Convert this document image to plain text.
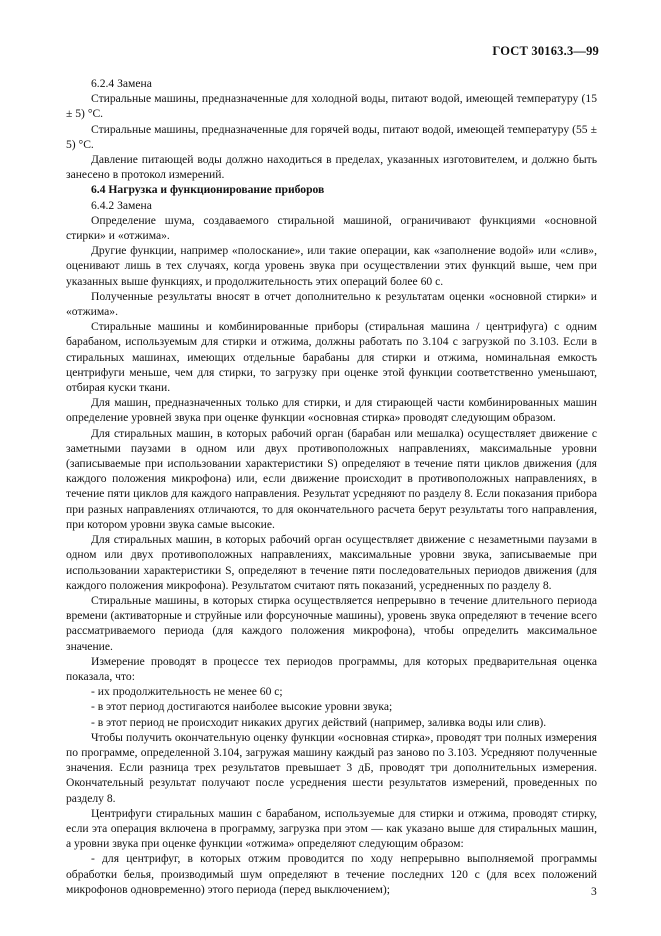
ГОСТ 30163.3—99

6.2.4 Замена

Стиральные машины, предназначенные для холодной воды, питают водой, имеющей температуру (15 ± 5) °С.

Стиральные машины, предназначенные для горячей воды, питают водой, имеющей температуру (55 ± 5) °С.

Давление питающей воды должно находиться в пределах, указанных изготовителем, и должно быть занесено в протокол измерений.

6.4 Нагрузка и функционирование приборов

6.4.2 Замена

Определение шума, создаваемого стиральной машиной, ограничивают функциями «основной стирки» и «отжима».

Другие функции, например «полоскание», или такие операции, как «заполнение водой» или «слив», оценивают лишь в тех случаях, когда уровень звука при осуществлении этих функций выше, чем при указанных выше функциях, и продолжительность этих операций более 60 с.

Полученные результаты вносят в отчет дополнительно к результатам оценки «основной стирки» и «отжима».

Стиральные машины и комбинированные приборы (стиральная машина / центрифуга) с одним барабаном, используемым для стирки и отжима, должны работать по 3.104 с загрузкой по 3.103. Если в стиральных машинах, имеющих отдельные барабаны для стирки и отжима, номинальная емкость центрифуги меньше, чем для стирки, то загрузку при оценке этой функции соответственно уменьшают, отбирая куски ткани.

Для машин, предназначенных только для стирки, и для стирающей части комбинированных машин определение уровней звука при оценке функции «основная стирка» проводят следующим образом.

Для стиральных машин, в которых рабочий орган (барабан или мешалка) осуществляет движение с заметными паузами в одном или двух противоположных направлениях, максимальные уровни (записываемые при использовании характеристики S) определяют в течение пяти циклов движения (для каждого положения микрофона) или, если движение происходит в противоположных направлениях, в течение пяти циклов для каждого направления. Результат усредняют по разделу 8. Если показания прибора при разных направлениях отличаются, то для окончательного расчета берут результаты того направления, при котором уровни звука самые высокие.

Для стиральных машин, в которых рабочий орган осуществляет движение с незаметными паузами в одном или двух противоположных направлениях, максимальные уровни звука, записываемые при использовании характеристики S, определяют в течение пяти последовательных периодов движения (для каждого положения микрофона). Результатом считают пять показаний, усредненных по разделу 8.

Стиральные машины, в которых стирка осуществляется непрерывно в течение длительного периода времени (активаторные и струйные или форсуночные машины), уровень звука определяют в течение всего рассматриваемого периода (для каждого положения микрофона), чтобы определить максимальное значение.

Измерение проводят в процессе тех периодов программы, для которых предварительная оценка показала, что:

- их продолжительность не менее 60 с;

- в этот период достигаются наиболее высокие уровни звука;

- в этот период не происходит никаких других действий (например, заливка воды или слив).

Чтобы получить окончательную оценку функции «основная стирка», проводят три полных измерения по программе, определенной 3.104, загружая машину каждый раз заново по 3.103. Усредняют полученные значения. Если разница трех результатов превышает 3 дБ, проводят три дополнительных измерения. Окончательный результат получают после усреднения шести результатов измерений, проведенных по разделу 8.

Центрифуги стиральных машин с барабаном, используемые для стирки и отжима, проводят стирку, если эта операция включена в программу, загрузка при этом — как указано выше для стиральных машин, а уровни звука при оценке функции «отжима» определяют следующим образом:

- для центрифуг, в которых отжим проводится по ходу непрерывно выполняемой программы обработки белья, производимый шум определяют в течение последних 120 с (для всех положений микрофонов одновременно) этого периода (перед выключением);	3
